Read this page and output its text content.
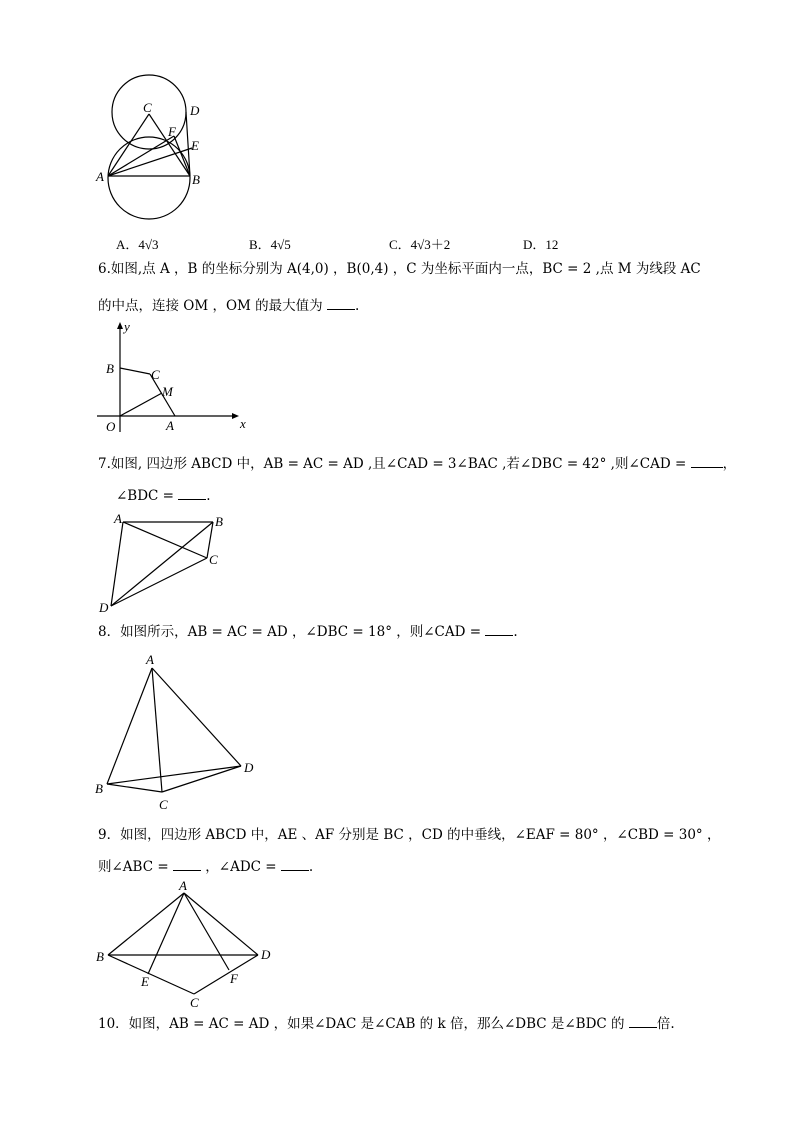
C	D
F
E
A	B
A．4√3	B．4√5	C．4√3＋2	D．12
6.如图,点 A ，B 的坐标分别为 A(4,0) ，B(0,4) ，C 为坐标平面内一点，BC = 2 ,点 M 为线段 AC
的中点，连接 OM ，OM 的最大值为 .
y
B	C
M
O	A	x
7.如图, 四边形 ABCD 中，AB = AC = AD ,且∠CAD = 3∠BAC ,若∠DBC = 42° ,则∠CAD =	，
∠BDC = .
A	B
C
D
8．如图所示，AB = AC = AD ，∠DBC = 18° ，则∠CAD = .
A
B
C
D
9．如图，四边形 ABCD 中，AE 、AF 分别是 BC ，CD 的中垂线，∠EAF = 80° ，∠CBD = 30° ，
则∠ABC =	，∠ADC = .
A
B	D
E	F
C
10．如图，AB = AC = AD ，如果∠DAC 是∠CAB 的 k 倍，那么∠DBC 是∠BDC 的 倍.
